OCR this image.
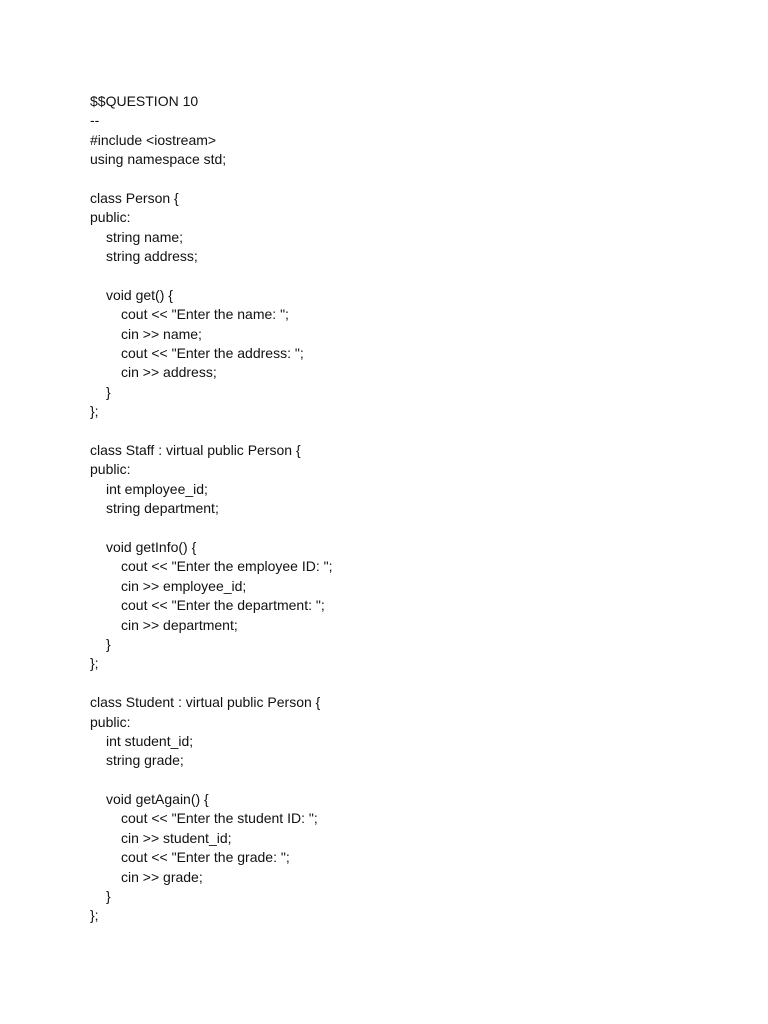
$$QUESTION 10
--
#include <iostream>
using namespace std;
class Person {
public:
string name;
string address;
void get() {
cout << "Enter the name: ";
cin >> name;
cout << "Enter the address: ";
cin >> address;
}
};
class Staff : virtual public Person {
public:
int employee_id;
string department;
void getInfo() {
cout << "Enter the employee ID: ";
cin >> employee_id;
cout << "Enter the department: ";
cin >> department;
}
};
class Student : virtual public Person {
public:
int student_id;
string grade;
void getAgain() {
cout << "Enter the student ID: ";
cin >> student_id;
cout << "Enter the grade: ";
cin >> grade;
}
};
